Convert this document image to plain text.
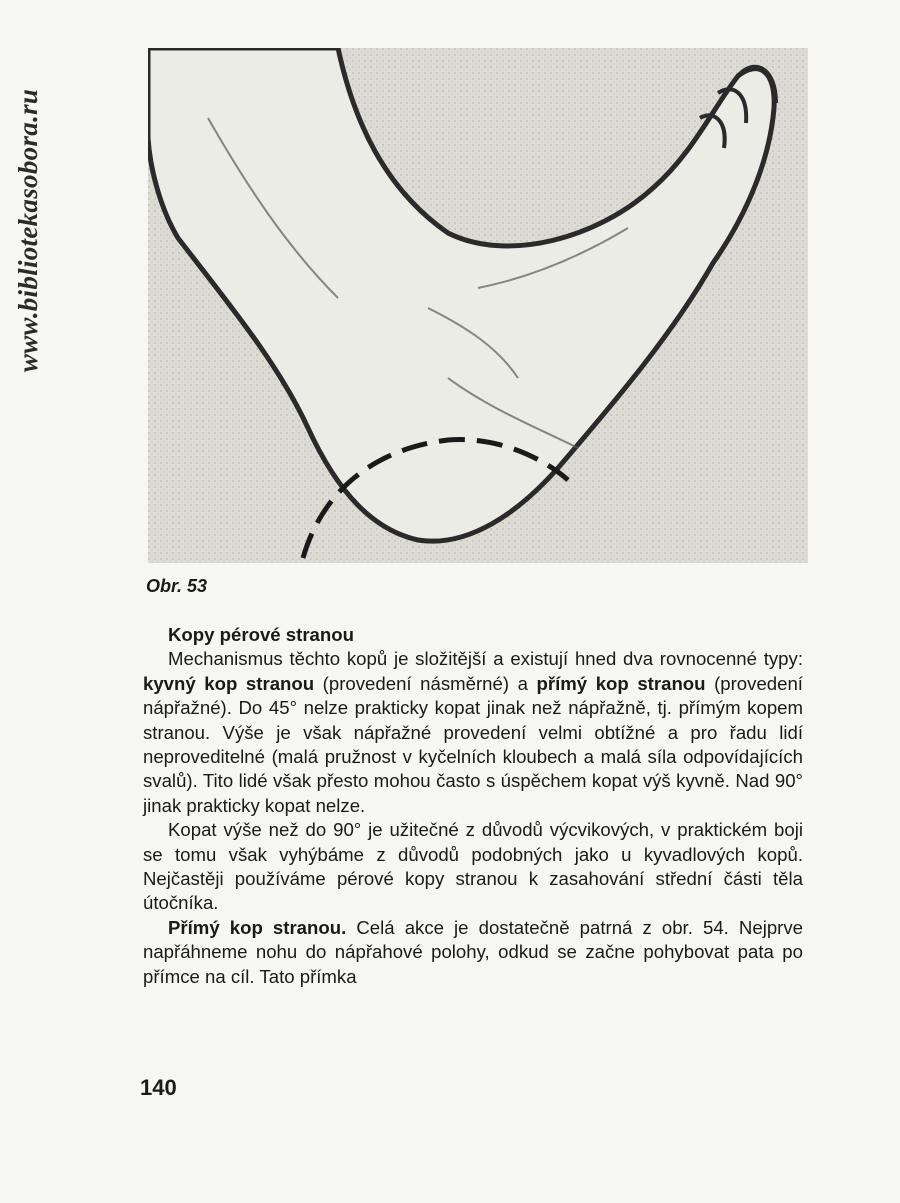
www.bibliotekasobora.ru
Obr. 53
Kopy pérové stranou

Mechanismus těchto kopů je složitější a existují hned dva rovnocenné typy: kyvný kop stranou (provedení násměrné) a přímý kop stranou (provedení nápřažné). Do 45° nelze prakticky kopat jinak než nápřažně, tj. přímým kopem stranou. Výše je však nápřažné provedení velmi obtížné a pro řadu lidí neproveditelné (malá pružnost v kyčelních kloubech a malá síla odpovídajících svalů). Tito lidé však přesto mohou často s úspěchem kopat výš kyvně. Nad 90° jinak prakticky kopat nelze.

Kopat výše než do 90° je užitečné z důvodů výcvikových, v praktickém boji se tomu však vyhýbáme z důvodů podobných jako u kyvadlových kopů. Nejčastěji používáme pérové kopy stranou k zasahování střední části těla útočníka.

Přímý kop stranou. Celá akce je dostatečně patrná z obr. 54. Nejprve napřáhneme nohu do nápřahové polohy, odkud se začne pohybovat pata po přímce na cíl. Tato přímka

140
